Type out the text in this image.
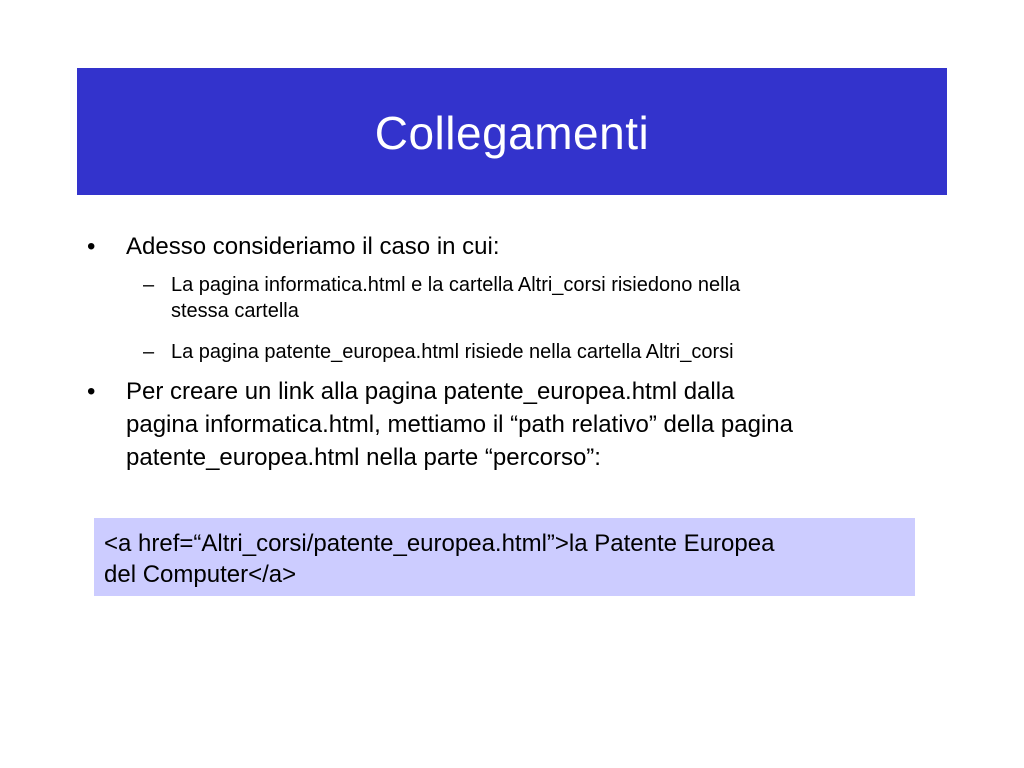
Collegamenti
• Adesso consideriamo il caso in cui:
– La pagina informatica.html e la cartella Altri_corsi risiedono nella
stessa cartella
– La pagina patente_europea.html risiede nella cartella Altri_corsi
• Per creare un link alla pagina patente_europea.html dalla
pagina informatica.html, mettiamo il “path relativo” della pagina
patente_europea.html nella parte “percorso”:
<a href=“Altri_corsi/patente_europea.html”>la Patente Europea
del Computer</a>
